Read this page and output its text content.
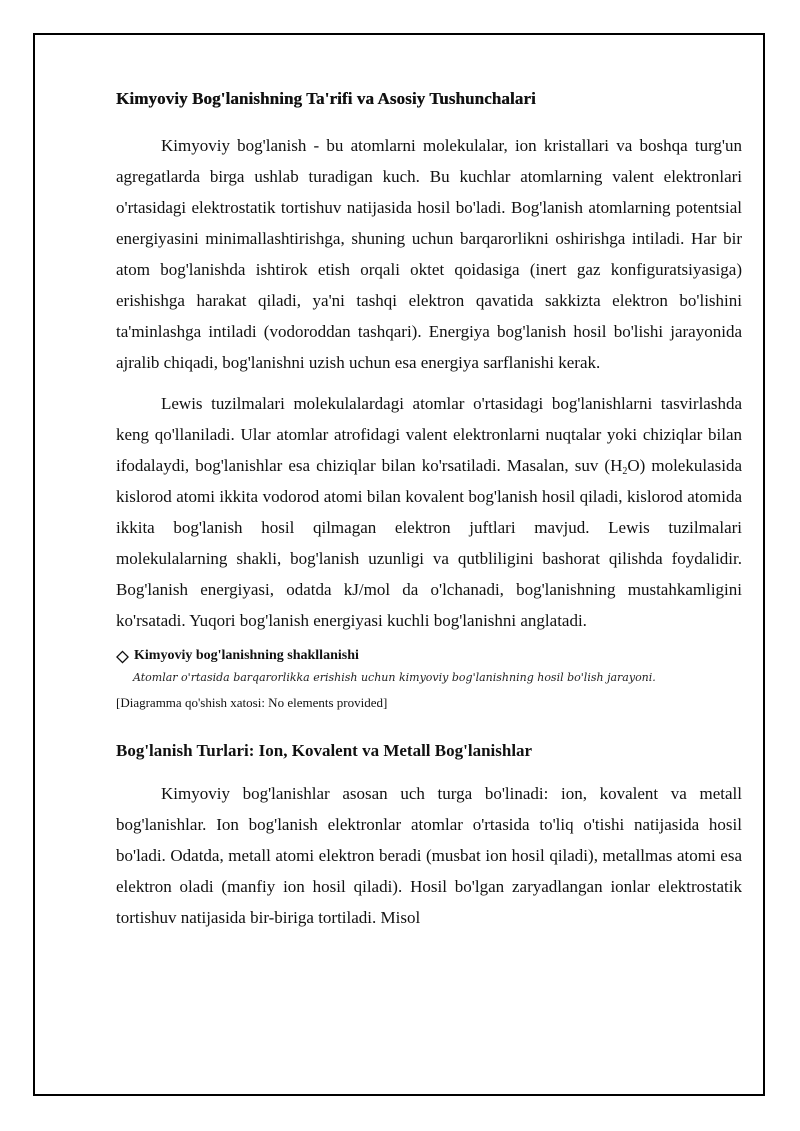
Kimyoviy Bog'lanishning Ta'rifi va Asosiy Tushunchalari

Kimyoviy bog'lanish - bu atomlarni molekulalar, ion kristallari va boshqa turg'un agregatlarda birga ushlab turadigan kuch. Bu kuchlar atomlarning valent elektronlari o'rtasidagi elektrostatik tortishuv natijasida hosil bo'ladi. Bog'lanish atomlarning potentsial energiyasini minimallashtirishga, shuning uchun barqarorlikni oshirishga intiladi. Har bir atom bog'lanishda ishtirok etish orqali oktet qoidasiga (inert gaz konfiguratsiyasiga) erishishga harakat qiladi, ya'ni tashqi elektron qavatida sakkizta elektron bo'lishini ta'minlashga intiladi (vodoroddan tashqari). Energiya bog'lanish hosil bo'lishi jarayonida ajralib chiqadi, bog'lanishni uzish uchun esa energiya sarflanishi kerak.

Lewis tuzilmalari molekulalardagi atomlar o'rtasidagi bog'lanishlarni tasvirlashda keng qo'llaniladi. Ular atomlar atrofidagi valent elektronlarni nuqtalar yoki chiziqlar bilan ifodalaydi, bog'lanishlar esa chiziqlar bilan ko'rsatiladi. Masalan, suv $(H_2O)$ molekulasida kislorod atomi ikkita vodorod atomi bilan kovalent bog'lanish hosil qiladi, kislorod atomida ikkita bog'lanish hosil qilmagan elektron juftlari mavjud. Lewis tuzilmalari molekulalarning shakli, bog'lanish uzunligi va qutbliligini bashorat qilishda foydalidir. Bog'lanish energiyasi, odatda kJ/mol da o'lchanadi, bog'lanishning mustahkamligini ko'rsatadi. Yuqori bog'lanish energiyasi kuchli bog'lanishni anglatadi.

Kimyoviy bog'lanishning shakllanishi
Atomlar o'rtasida barqarorlikka erishish uchun kimyoviy bog'lanishning hosil bo'lish jarayoni.
[Diagramma qo'shish xatosi: No elements provided]
Bog'lanish Turlari: Ion, Kovalent va Metall Bog'lanishlar

Kimyoviy bog'lanishlar asosan uch turga bo'linadi: ion, kovalent va metall bog'lanishlar. Ion bog'lanish elektronlar atomlar o'rtasida to'liq o'tishi natijasida hosil bo'ladi. Odatda, metall atomi elektron beradi (musbat ion hosil qiladi), metallmas atomi esa elektron oladi (manfiy ion hosil qiladi). Hosil bo'lgan zaryadlangan ionlar elektrostatik tortishuv natijasida bir-biriga tortiladi. Misol
